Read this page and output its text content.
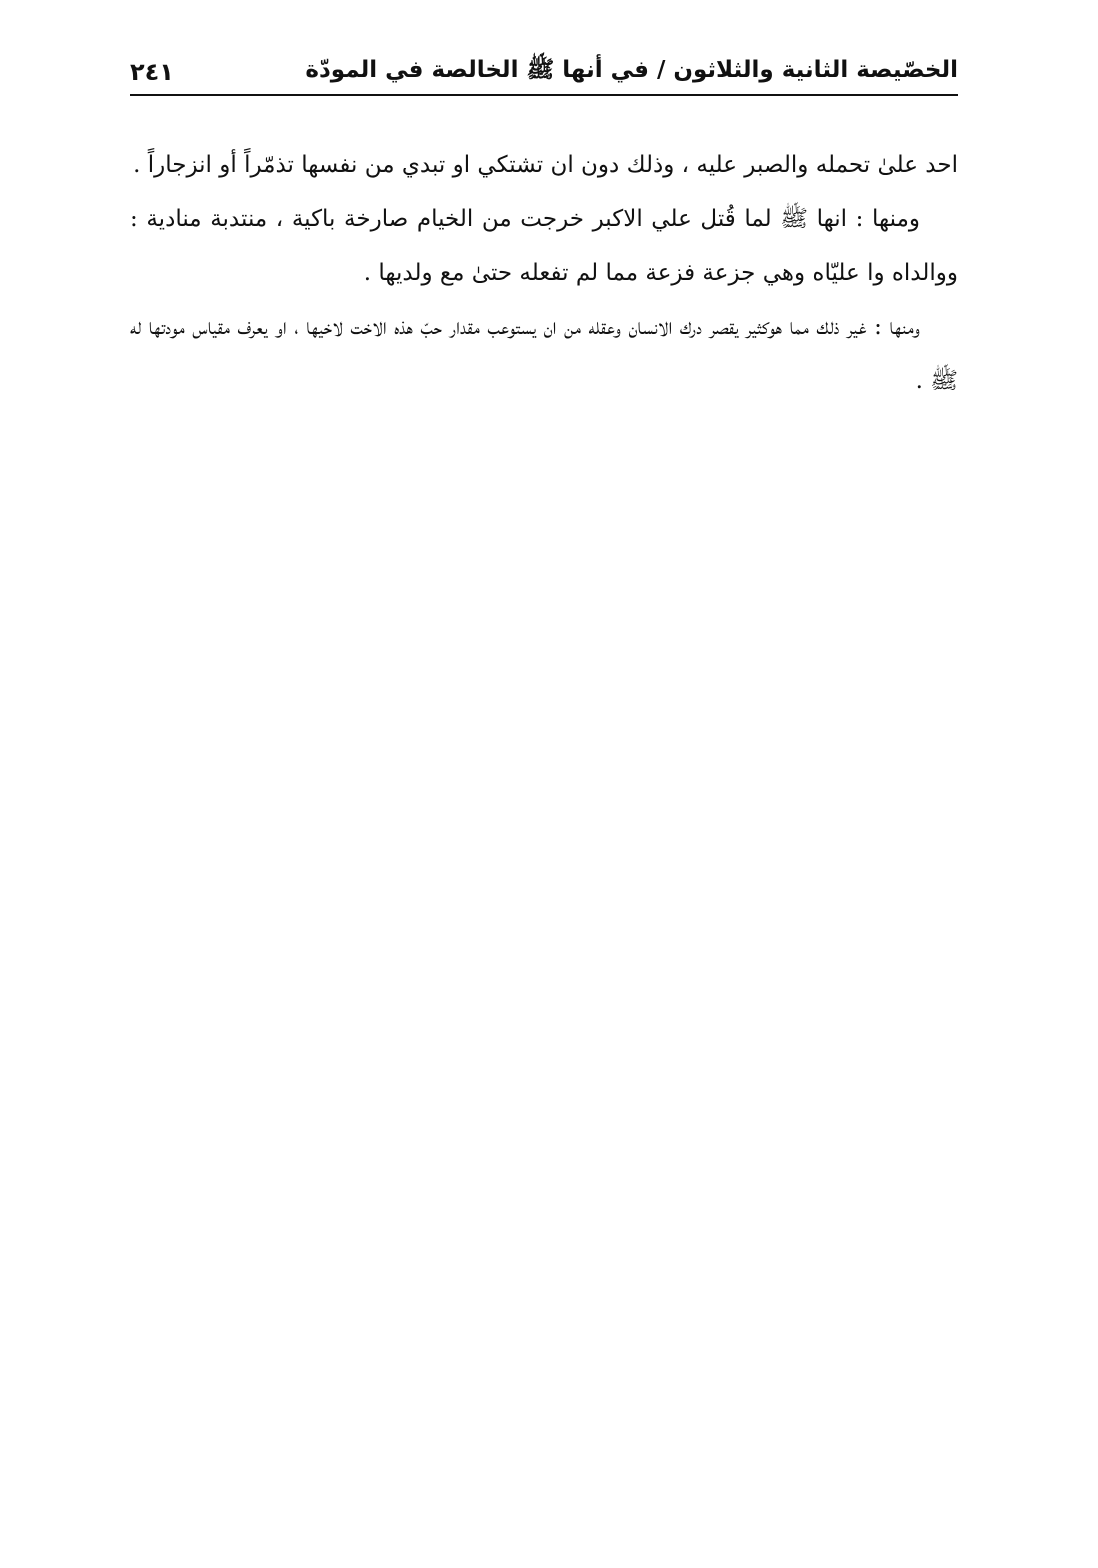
الخصّيصة الثانية والثلاثون / في أنها ﷺ الخالصة في المودّة
٢٤١

احد علىٰ تحمله والصبر عليه ، وذلك دون ان تشتكي او تبدي من نفسها تذمّراً أو انزجاراً .

ومنها : انها ﷺ لما قُتل علي الاكبر خرجت من الخيام صارخة باكية ، منتدبة منادية : ووالداه وا عليّاه وهي جزعة فزعة مما لم تفعله حتىٰ مع ولديها .

ومنها : غير ذلك مما هوكثير يقصر درك الانسان وعقله من ان يستوعب مقدار حبّ هذه الاخت لاخيها ، او يعرف مقياس مودتها له ﷺ .
